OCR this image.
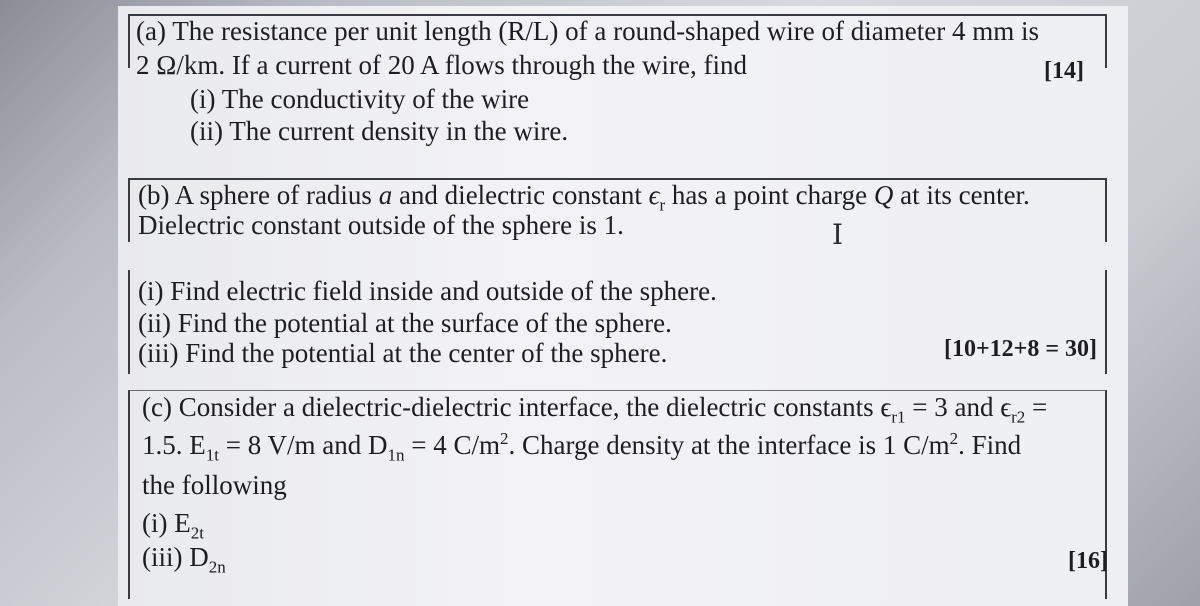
(a) The resistance per unit length (R/L) of a round-shaped wire of diameter 4 mm is
2 Ω/km. If a current of 20 A flows through the wire, find	[14]
(i) The conductivity of the wire
(ii) The current density in the wire.
(b) A sphere of radius a and dielectric constant $\epsilon_r$ has a point charge Q at its center.
Dielectric constant outside of the sphere is 1.	I
(i) Find electric field inside and outside of the sphere.
(ii) Find the potential at the surface of the sphere.
(iii) Find the potential at the center of the sphere.	[10+12+8 = 30]
(c) Consider a dielectric-dielectric interface, the dielectric constants $\epsilon_{r1} = 3$ and $\epsilon_{r2}$ =
1.5. $E_{1t} = 8$ V/m and $D_{1n} = 4$ $C/m^2$. Charge density at the interface is 1 $C/m^2$. Find
the following
(i) $E_{2t}$
(iii) $D_{2n}$	[16]
